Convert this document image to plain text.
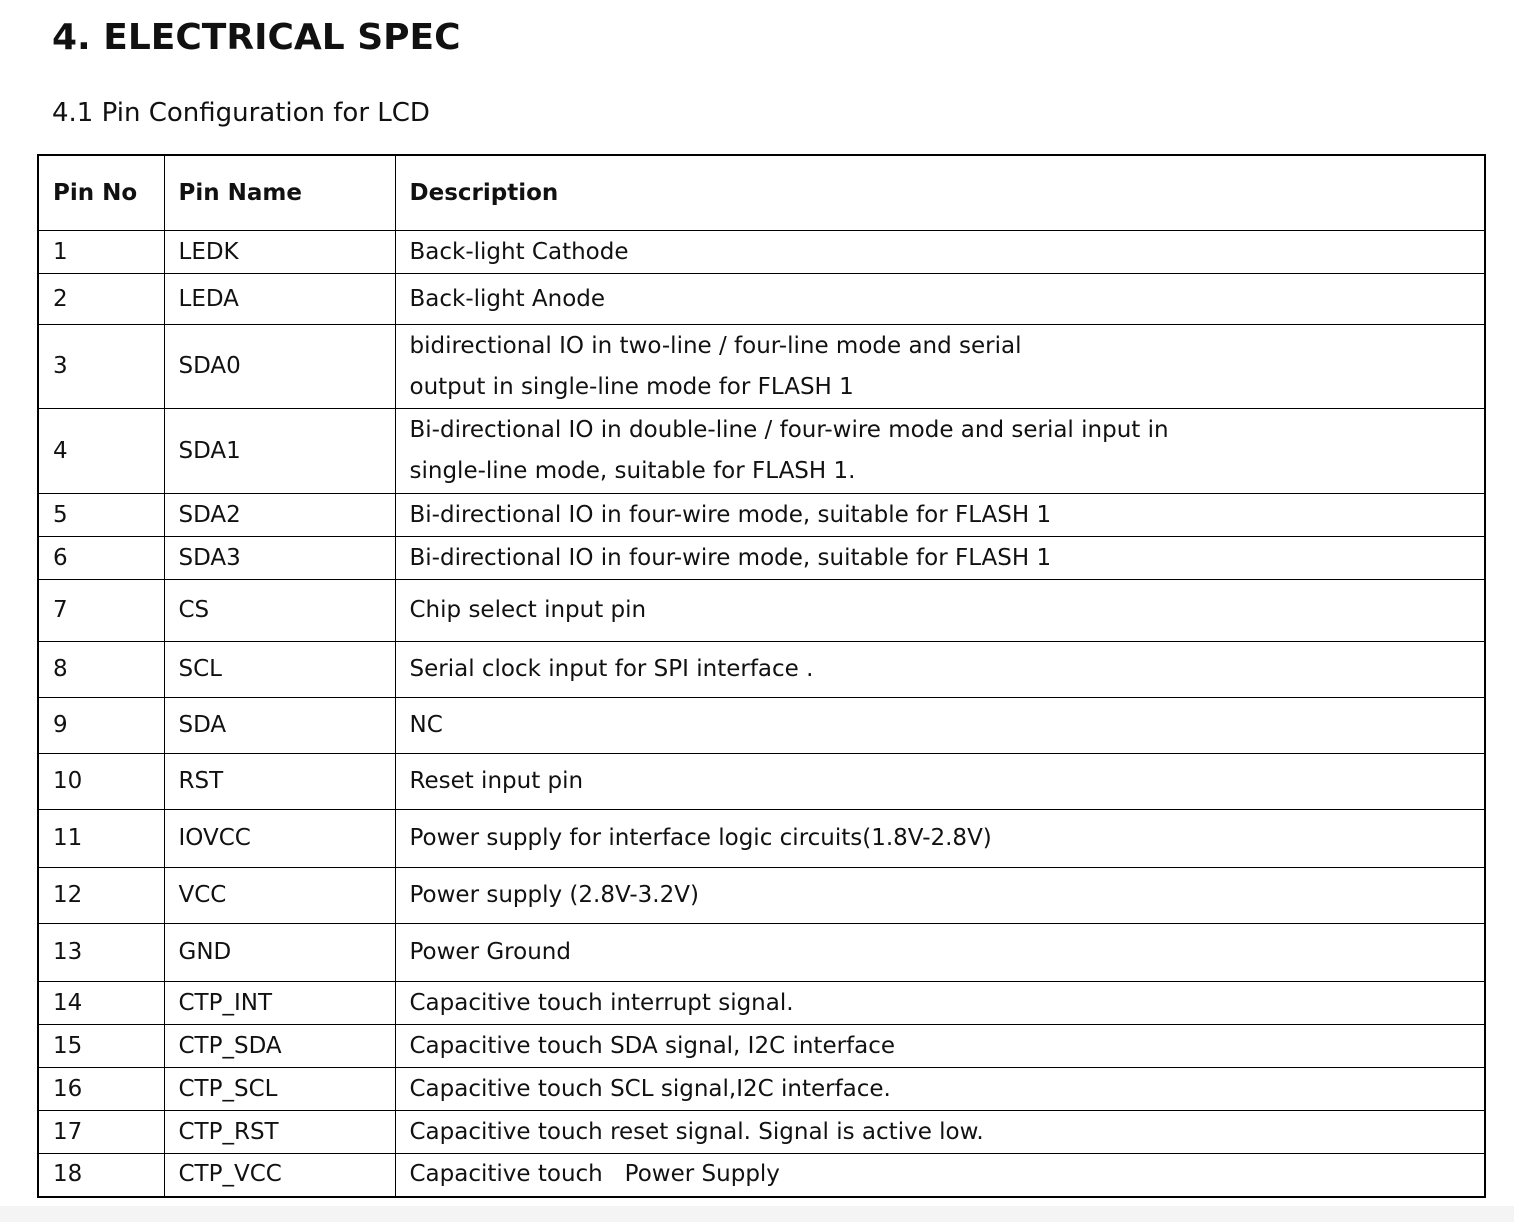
4. ELECTRICAL SPEC
4.1 Pin Configuration for LCD
Pin No	Pin Name	Description
1	LEDK	Back-light Cathode
2	LEDA	Back-light Anode
3	SDA0	bidirectional IO in two-line / four-line mode and serial output in single-line mode for FLASH 1

4	SDA1	Bi-directional IO in double-line / four-wire mode and serial input in single-line mode, suitable for FLASH 1.

5	SDA2	Bi-directional IO in four-wire mode, suitable for FLASH 1
6	SDA3	Bi-directional IO in four-wire mode, suitable for FLASH 1
7	CS	Chip select input pin
8	SCL	Serial clock input for SPI interface .
9	SDA	NC
10	RST	Reset input pin
11	IOVCC	Power supply for interface logic circuits(1.8V-2.8V)
12	VCC	Power supply (2.8V-3.2V)
13	GND	Power Ground
14	CTP_INT	Capacitive touch interrupt signal.
15	CTP_SDA	Capacitive touch SDA signal, I2C interface
16	CTP_SCL	Capacitive touch SCL signal,I2C interface.
17	CTP_RST	Capacitive touch reset signal. Signal is active low.
18	CTP_VCC	Capacitive touch   Power Supply
